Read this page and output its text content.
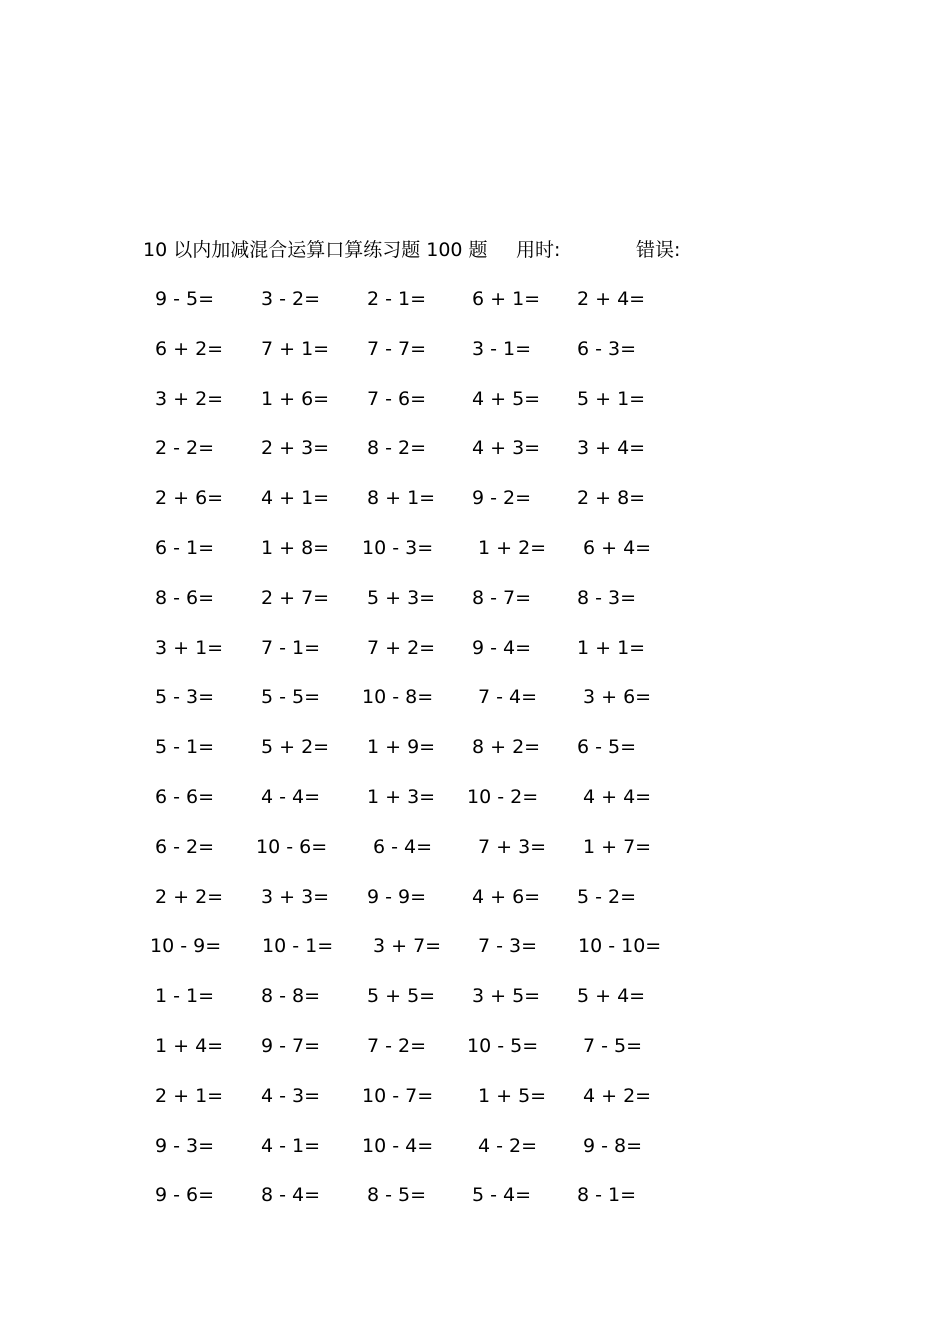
10 以内加减混合运算口算练习题 100 题 用时:	错误:
9 - 5= 3 - 2= 2 - 1= 6 + 1= 2 + 4=
6 + 2= 7 + 1= 7 - 7= 3 - 1= 6 - 3=
3 + 2= 1 + 6= 7 - 6= 4 + 5= 5 + 1=
2 - 2= 2 + 3= 8 - 2= 4 + 3= 3 + 4=
2 + 6= 4 + 1= 8 + 1= 9 - 2= 2 + 8=
6 - 1= 1 + 8= 10 - 3= 1 + 2= 6 + 4=
8 - 6= 2 + 7= 5 + 3= 8 - 7= 8 - 3=
3 + 1= 7 - 1= 7 + 2= 9 - 4= 1 + 1=
5 - 3= 5 - 5= 10 - 8= 7 - 4= 3 + 6=
5 - 1= 5 + 2= 1 + 9= 8 + 2= 6 - 5=
6 - 6= 4 - 4= 1 + 3= 10 - 2= 4 + 4=
6 - 2= 10 - 6= 6 - 4= 7 + 3= 1 + 7=
2 + 2= 3 + 3= 9 - 9= 4 + 6= 5 - 2=
10 - 9= 10 - 1= 3 + 7= 7 - 3= 10 - 10=
1 - 1= 8 - 8= 5 + 5= 3 + 5= 5 + 4=
1 + 4= 9 - 7= 7 - 2= 10 - 5= 7 - 5=
2 + 1= 4 - 3= 10 - 7= 1 + 5= 4 + 2=
9 - 3= 4 - 1= 10 - 4= 4 - 2= 9 - 8=
9 - 6= 8 - 4= 8 - 5= 5 - 4= 8 - 1=
